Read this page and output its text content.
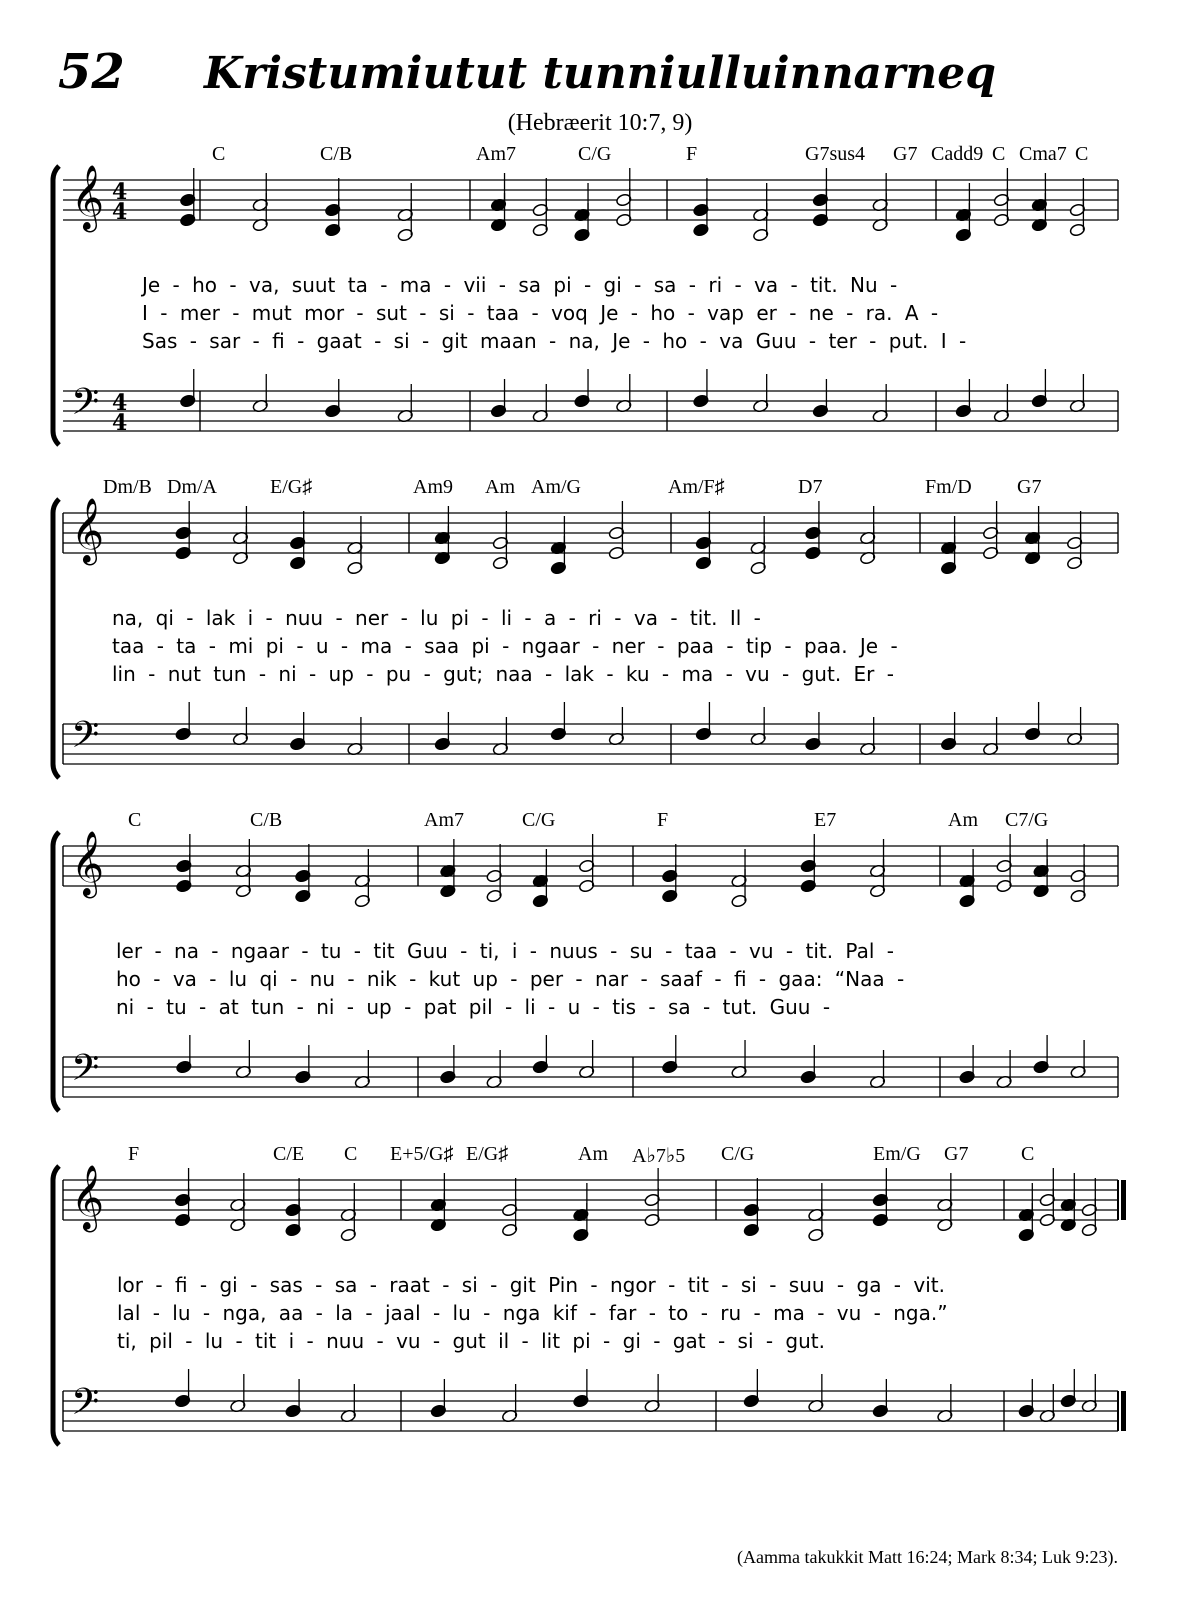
52 Kristumiutut tunniulluinnarneq
(Hebræerit 10:7, 9)
C	C/B	Am7	C/G	F	G7sus4 G7 Cadd9 C Cma7 C
𝄞
𝄢
4
4
4
4
Je - ho - va, suut ta - ma - vii - sa pi - gi - sa - ri - va - tit. Nu -
I - mer - mut mor - sut - si - taa - voq Je - ho - vap er - ne - ra. A -
Sas - sar - fi - gaat - si - git maan - na, Je - ho - va Guu - ter - put. I -
Dm/B Dm/A	E/G♯	Am9 Am Am/G	Am/F♯	D7	Fm/D G7
𝄞
𝄢
na, qi - lak i - nuu - ner - lu pi - li - a - ri - va - tit. Il -
taa - ta - mi pi - u - ma - saa pi - ngaar - ner - paa - tip - paa. Je -
lin - nut tun - ni - up - pu - gut; naa - lak - ku - ma - vu - gut. Er -
C	C/B	Am7	C/G	F	E7	Am C7/G
𝄞
𝄢
ler - na - ngaar - tu - tit Guu - ti, i - nuus - su - taa - vu - tit. Pal -
ho - va - lu qi - nu - nik - kut up - per - nar - saaf - fi - gaa: “Naa -
ni - tu - at tun - ni - up - pat pil - li - u - tis - sa - tut. Guu -
F	C/E C E+5/G♯ E/G♯	Am A♭7♭5 C/G	Em/G G7	C
𝄞
𝄢
lor - fi - gi - sas - sa - raat - si - git Pin - ngor - tit - si - suu - ga - vit.
lal - lu - nga, aa - la - jaal - lu - nga kif - far - to - ru - ma - vu - nga.”
ti, pil - lu - tit i - nuu - vu - gut il - lit pi - gi - gat - si - gut.
(Aamma takukkit Matt 16:24; Mark 8:34; Luk 9:23).
